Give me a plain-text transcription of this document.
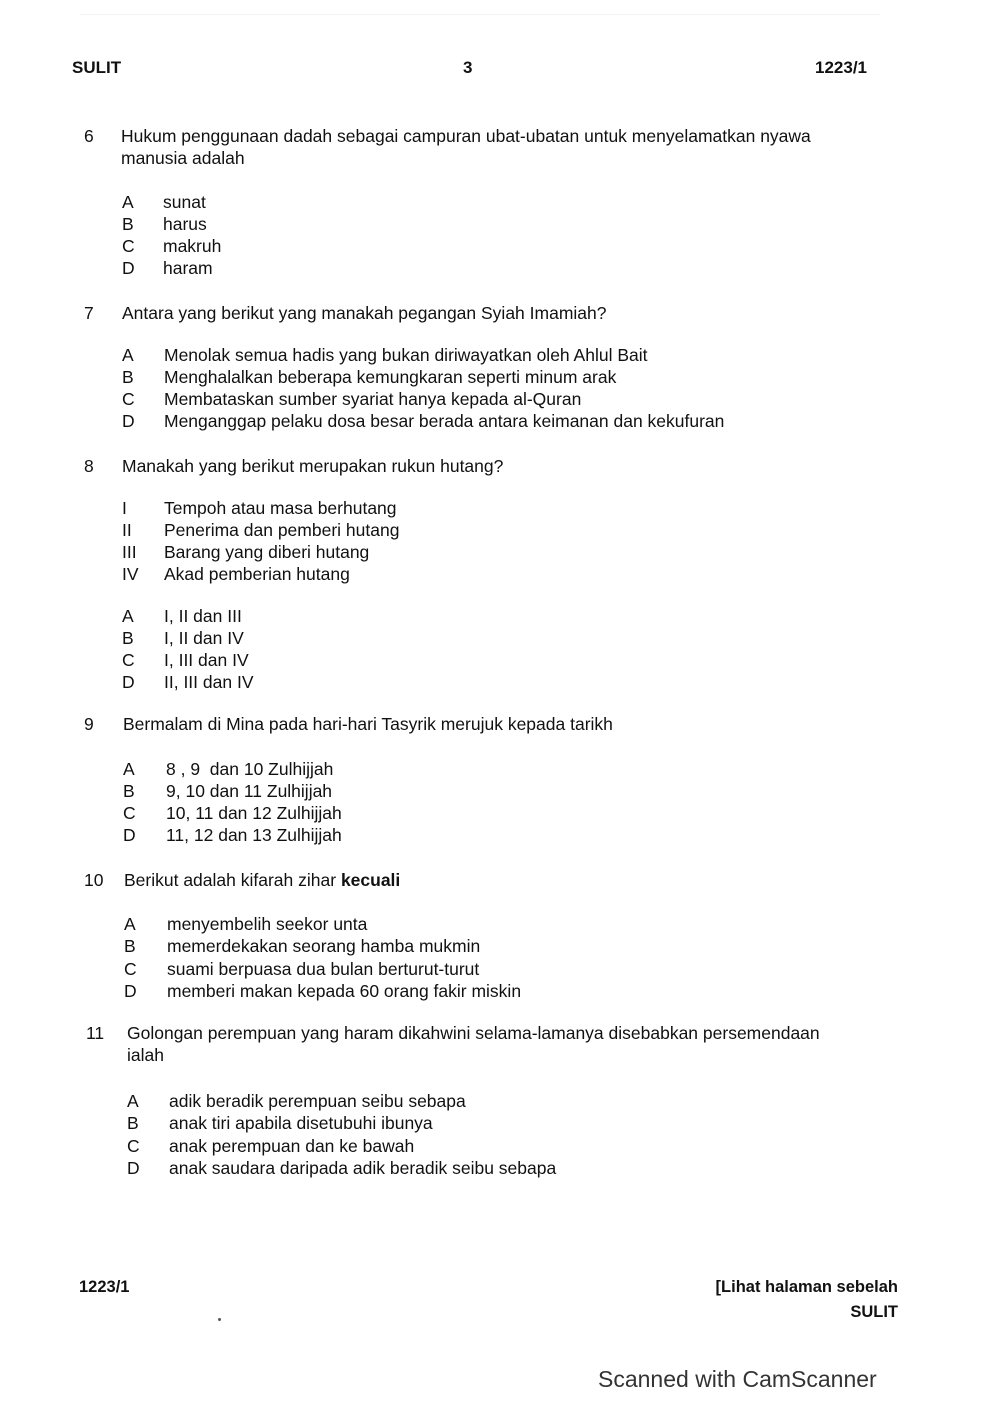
SULIT	3	1223/1
6 Hukum penggunaan dadah sebagai campuran ubat-ubatan untuk menyelamatkan nyawa
manusia adalah
A sunat
B harus
C makruh
D haram
7 Antara yang berikut yang manakah pegangan Syiah Imamiah?
A Menolak semua hadis yang bukan diriwayatkan oleh Ahlul Bait
B Menghalalkan beberapa kemungkaran seperti minum arak
C Membataskan sumber syariat hanya kepada al-Quran
D Menganggap pelaku dosa besar berada antara keimanan dan kekufuran
8 Manakah yang berikut merupakan rukun hutang?
I Tempoh atau masa berhutang
II Penerima dan pemberi hutang
III Barang yang diberi hutang
IV Akad pemberian hutang
A I, II dan III
B I, II dan IV
C I, III dan IV
D II, III dan IV
9 Bermalam di Mina pada hari-hari Tasyrik merujuk kepada tarikh
A 8 , 9  dan 10 Zulhijjah
B 9, 10 dan 11 Zulhijjah
C 10, 11 dan 12 Zulhijjah
D 11, 12 dan 13 Zulhijjah
10 Berikut adalah kifarah zihar kecuali
A menyembelih seekor unta
B memerdekakan seorang hamba mukmin
C suami berpuasa dua bulan berturut-turut
D memberi makan kepada 60 orang fakir miskin
11 Golongan perempuan yang haram dikahwini selama-lamanya disebabkan persemendaan
ialah
A adik beradik perempuan seibu sebapa
B anak tiri apabila disetubuhi ibunya
C anak perempuan dan ke bawah
D anak saudara daripada adik beradik seibu sebapa
1223/1	[Lihat halaman sebelah
SULIT
Scanned with CamScanner
